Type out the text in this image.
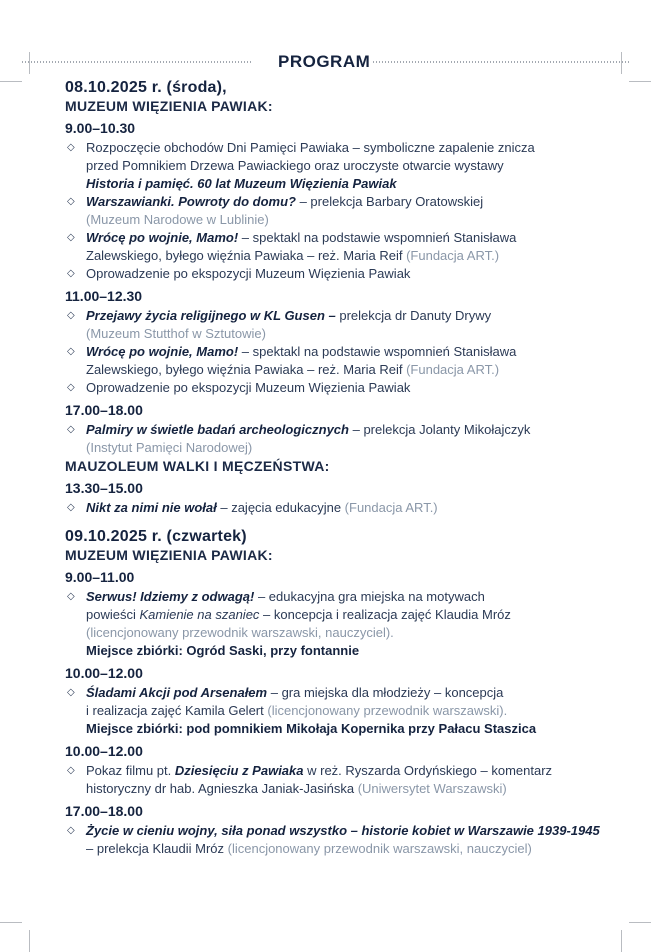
PROGRAM
08.10.2025 r. (środa),
MUZEUM WIĘZIENIA PAWIAK:
9.00–10.30
◇ Rozpoczęcie obchodów Dni Pamięci Pawiaka – symboliczne zapalenie znicza
przed Pomnikiem Drzewa Pawiackiego oraz uroczyste otwarcie wystawy
Historia i pamięć. 60 lat Muzeum Więzienia Pawiak
◇ Warszawianki. Powroty do domu? – prelekcja Barbary Oratowskiej
(Muzeum Narodowe w Lublinie)
◇ Wrócę po wojnie, Mamo! – spektakl na podstawie wspomnień Stanisława
Zalewskiego, byłego więźnia Pawiaka – reż. Maria Reif (Fundacja ART.)
◇ Oprowadzenie po ekspozycji Muzeum Więzienia Pawiak
11.00–12.30
◇ Przejawy życia religijnego w KL Gusen – prelekcja dr Danuty Drywy
(Muzeum Stutthof w Sztutowie)
◇ Wrócę po wojnie, Mamo! – spektakl na podstawie wspomnień Stanisława
Zalewskiego, byłego więźnia Pawiaka – reż. Maria Reif (Fundacja ART.)
◇ Oprowadzenie po ekspozycji Muzeum Więzienia Pawiak
17.00–18.00
◇ Palmiry w świetle badań archeologicznych – prelekcja Jolanty Mikołajczyk
(Instytut Pamięci Narodowej)
MAUZOLEUM WALKI I MĘCZEŃSTWA:
13.30–15.00
◇ Nikt za nimi nie wołał – zajęcia edukacyjne (Fundacja ART.)
09.10.2025 r. (czwartek)
MUZEUM WIĘZIENIA PAWIAK:
9.00–11.00
◇ Serwus! Idziemy z odwagą! – edukacyjna gra miejska na motywach
powieści Kamienie na szaniec – koncepcja i realizacja zajęć Klaudia Mróz
(licencjonowany przewodnik warszawski, nauczyciel).
Miejsce zbiórki: Ogród Saski, przy fontannie
10.00–12.00
◇ Śladami Akcji pod Arsenałem – gra miejska dla młodzieży – koncepcja
i realizacja zajęć Kamila Gelert (licencjonowany przewodnik warszawski).
Miejsce zbiórki: pod pomnikiem Mikołaja Kopernika przy Pałacu Staszica
10.00–12.00
◇ Pokaz filmu pt. Dziesięciu z Pawiaka w reż. Ryszarda Ordyńskiego – komentarz
historyczny dr hab. Agnieszka Janiak-Jasińska (Uniwersytet Warszawski)
17.00–18.00
◇ Życie w cieniu wojny, siła ponad wszystko – historie kobiet w Warszawie 1939-1945
– prelekcja Klaudii Mróz (licencjonowany przewodnik warszawski, nauczyciel)
